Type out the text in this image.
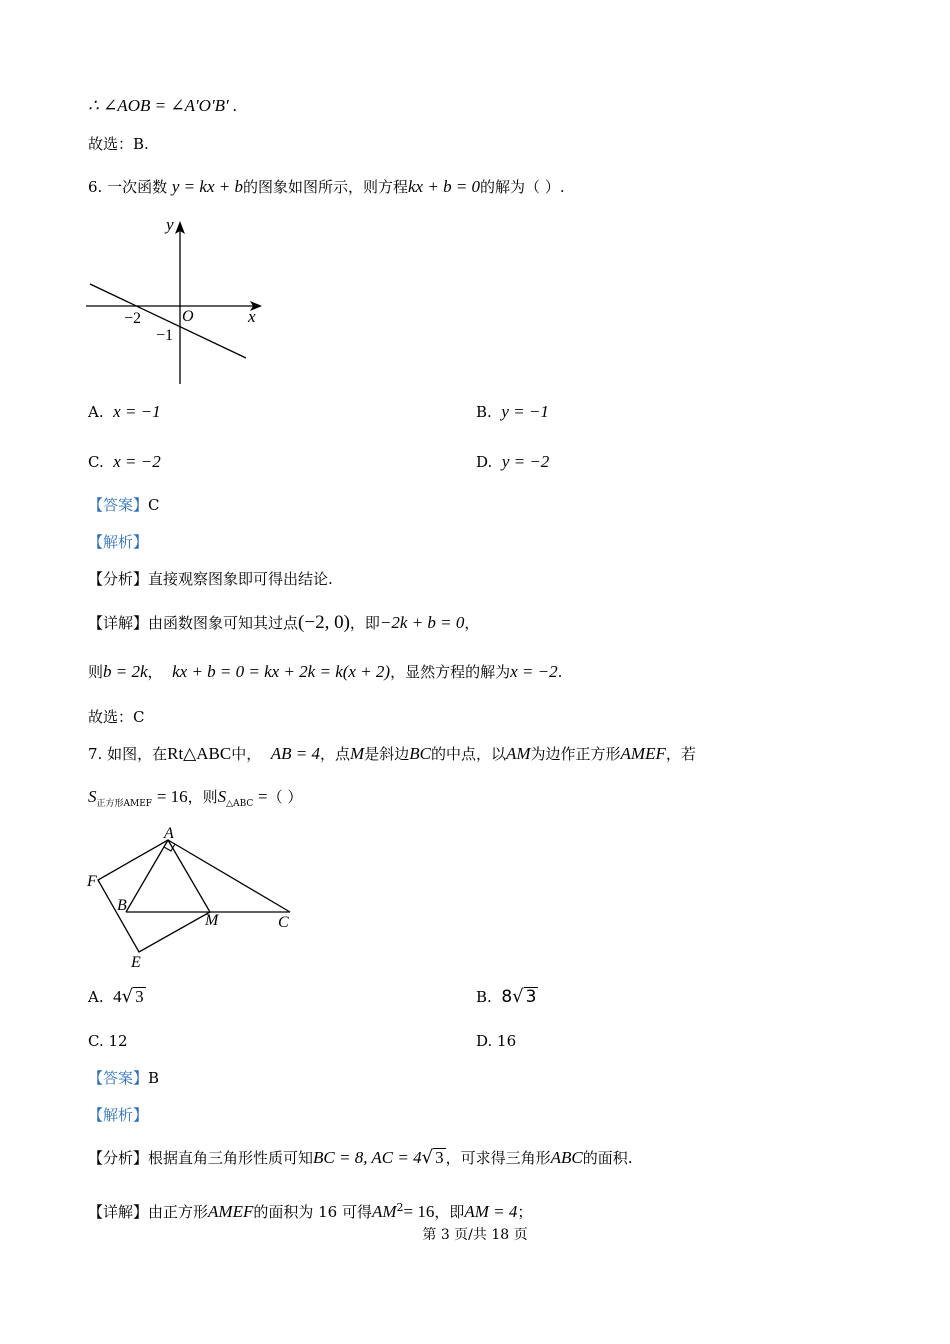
∴ ∠AOB = ∠A′O′B′ .
故选：B.
6. 一次函数 y = kx + b的图象如图所示，则方程kx + b = 0的解为（ ）.
y
x
O
−2
−1
A. x = −1	B. y = −1
C. x = −2	D. y = −2
【答案】C
【解析】
【分析】直接观察图象即可得出结论.
【详解】由函数图象可知其过点(−2, 0)，即−2k + b = 0，
则b = 2k， kx + b = 0 = kx + 2k = k(x + 2)，显然方程的解为x = −2.
故选：C
7. 如图，在Rt△ABC中， AB = 4，点M是斜边BC的中点，以AM为边作正方形AMEF，若
$S_{正方形AMEF} = 16$，则$S_{\triangle ABC}$ =（ ）
A
F
B
M	C
E
A. 4√ 3	B. 8√ 3
C. 12	D. 16
【答案】B
【解析】
【分析】根据直角三角形性质可知BC = 8, AC = 4√ 3 ，可求得三角形ABC的面积.
【详解】由正方形AMEF的面积为 16 可得$AM^2= 16$，即AM = 4；
第 3 页/共 18 页
